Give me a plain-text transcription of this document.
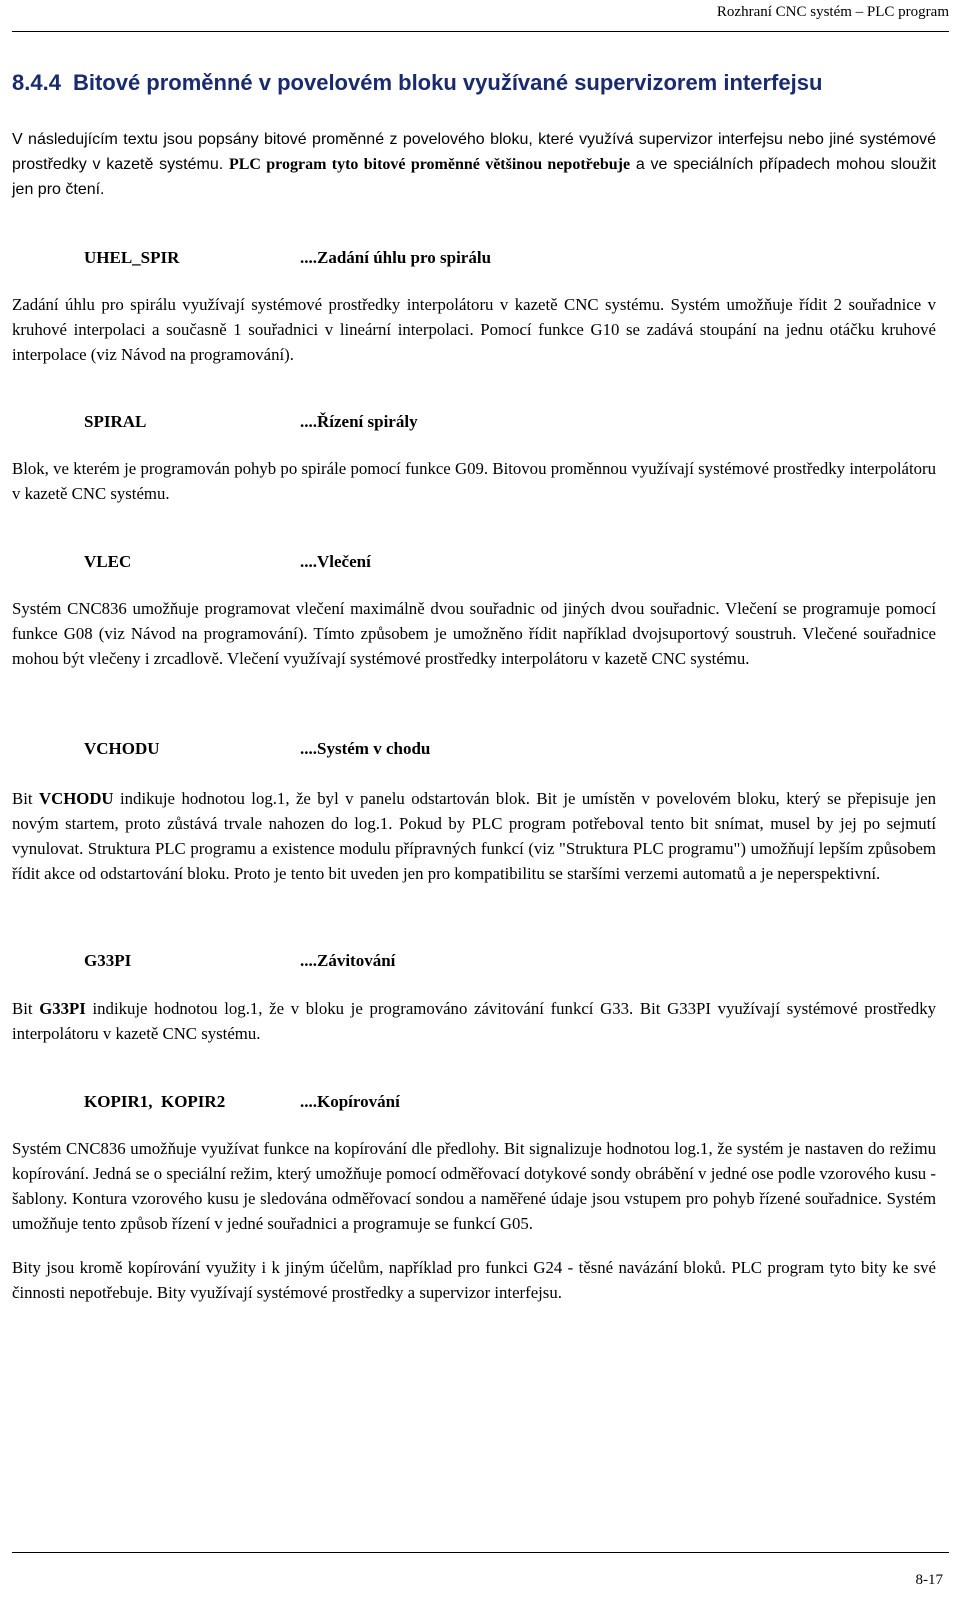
Rozhraní CNC systém – PLC program
8.4.4 Bitové proměnné v povelovém bloku využívané supervizorem interfejsu

V následujícím textu jsou popsány bitové proměnné z povelového bloku, které využívá supervizor interfejsu nebo jiné systémové prostředky v kazetě systému. PLC program tyto bitové proměnné většinou nepotřebuje a ve speciálních případech mohou sloužit jen pro čtení.

UHEL_SPIR	....Zadání úhlu pro spirálu

Zadání úhlu pro spirálu využívají systémové prostředky interpolátoru v kazetě CNC systému. Systém umožňuje řídit 2 souřadnice v kruhové interpolaci a současně 1 souřadnici v lineární interpolaci. Pomocí funkce G10 se zadává stoupání na jednu otáčku kruhové interpolace (viz Návod na programování).

SPIRAL	....Řízení spirály

Blok, ve kterém je programován pohyb po spirále pomocí funkce G09. Bitovou proměnnou využívají systémové prostředky interpolátoru v kazetě CNC systému.

VLEC	....Vlečení

Systém CNC836 umožňuje programovat vlečení maximálně dvou souřadnic od jiných dvou souřadnic. Vlečení se programuje pomocí funkce G08 (viz Návod na programování). Tímto způsobem je umožněno řídit například dvojsuportový soustruh. Vlečené souřadnice mohou být vlečeny i zrcadlově. Vlečení využívají systémové prostředky interpolátoru v kazetě CNC systému.

VCHODU	....Systém v chodu

Bit VCHODU indikuje hodnotou log.1, že byl v panelu odstartován blok. Bit je umístěn v povelovém bloku, který se přepisuje jen novým startem, proto zůstává trvale nahozen do log.1. Pokud by PLC program potřeboval tento bit snímat, musel by jej po sejmutí vynulovat. Struktura PLC programu a existence modulu přípravných funkcí (viz "Struktura PLC programu") umožňují lepším způsobem řídit akce od odstartování bloku. Proto je tento bit uveden jen pro kompatibilitu se staršími verzemi automatů a je neperspektivní.

G33PI	....Závitování

Bit G33PI indikuje hodnotou log.1, že v bloku je programováno závitování funkcí G33. Bit G33PI využívají systémové prostředky interpolátoru v kazetě CNC systému.

KOPIR1,  KOPIR2	....Kopírování

Systém CNC836 umožňuje využívat funkce na kopírování dle předlohy. Bit signalizuje hodnotou log.1, že systém je nastaven do režimu kopírování. Jedná se o speciální režim, který umožňuje pomocí odměřovací dotykové sondy obrábění v jedné ose podle vzorového kusu - šablony. Kontura vzorového kusu je sledována odměřovací sondou a naměřené údaje jsou vstupem pro pohyb řízené souřadnice. Systém umožňuje tento způsob řízení v jedné souřadnici a programuje se funkcí G05.

Bity jsou kromě kopírování využity i k jiným účelům, například pro funkci G24 - těsné navázání bloků. PLC program tyto bity ke své činnosti nepotřebuje. Bity využívají systémové prostředky a supervizor interfejsu.

8-17
